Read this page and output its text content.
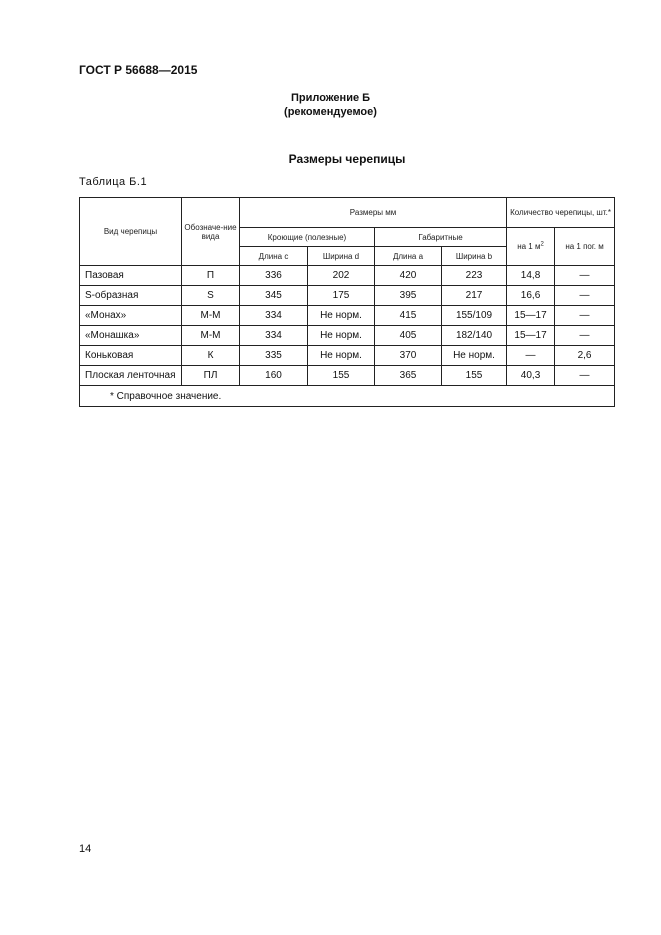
ГОСТ Р 56688—2015
Приложение Б
(рекомендуемое)
Размеры черепицы
Таблица Б.1
Вид черепицы	Обозначе-ние вида	Размеры мм				Количество черепицы, шт.*	
		Кроющие (полезные)		Габаритные		на 1 $м^2$	на 1 пог. м
		Длина c	Ширина d	Длина a	Ширина b		
Пазовая	П	336	202	420	223	14,8	—
S-образная	S	345	175	395	217	16,6	—
«Монах»	М-М	334	Не норм.	415	155/109	15—17	—
«Монашка»	М-М	334	Не норм.	405	182/140	15—17	—
Коньковая	К	335	Не норм.	370	Не норм.	—	2,6
Плоская ленточная	ПЛ	160	155	365	155	40,3	—
* Справочное значение.							
14
